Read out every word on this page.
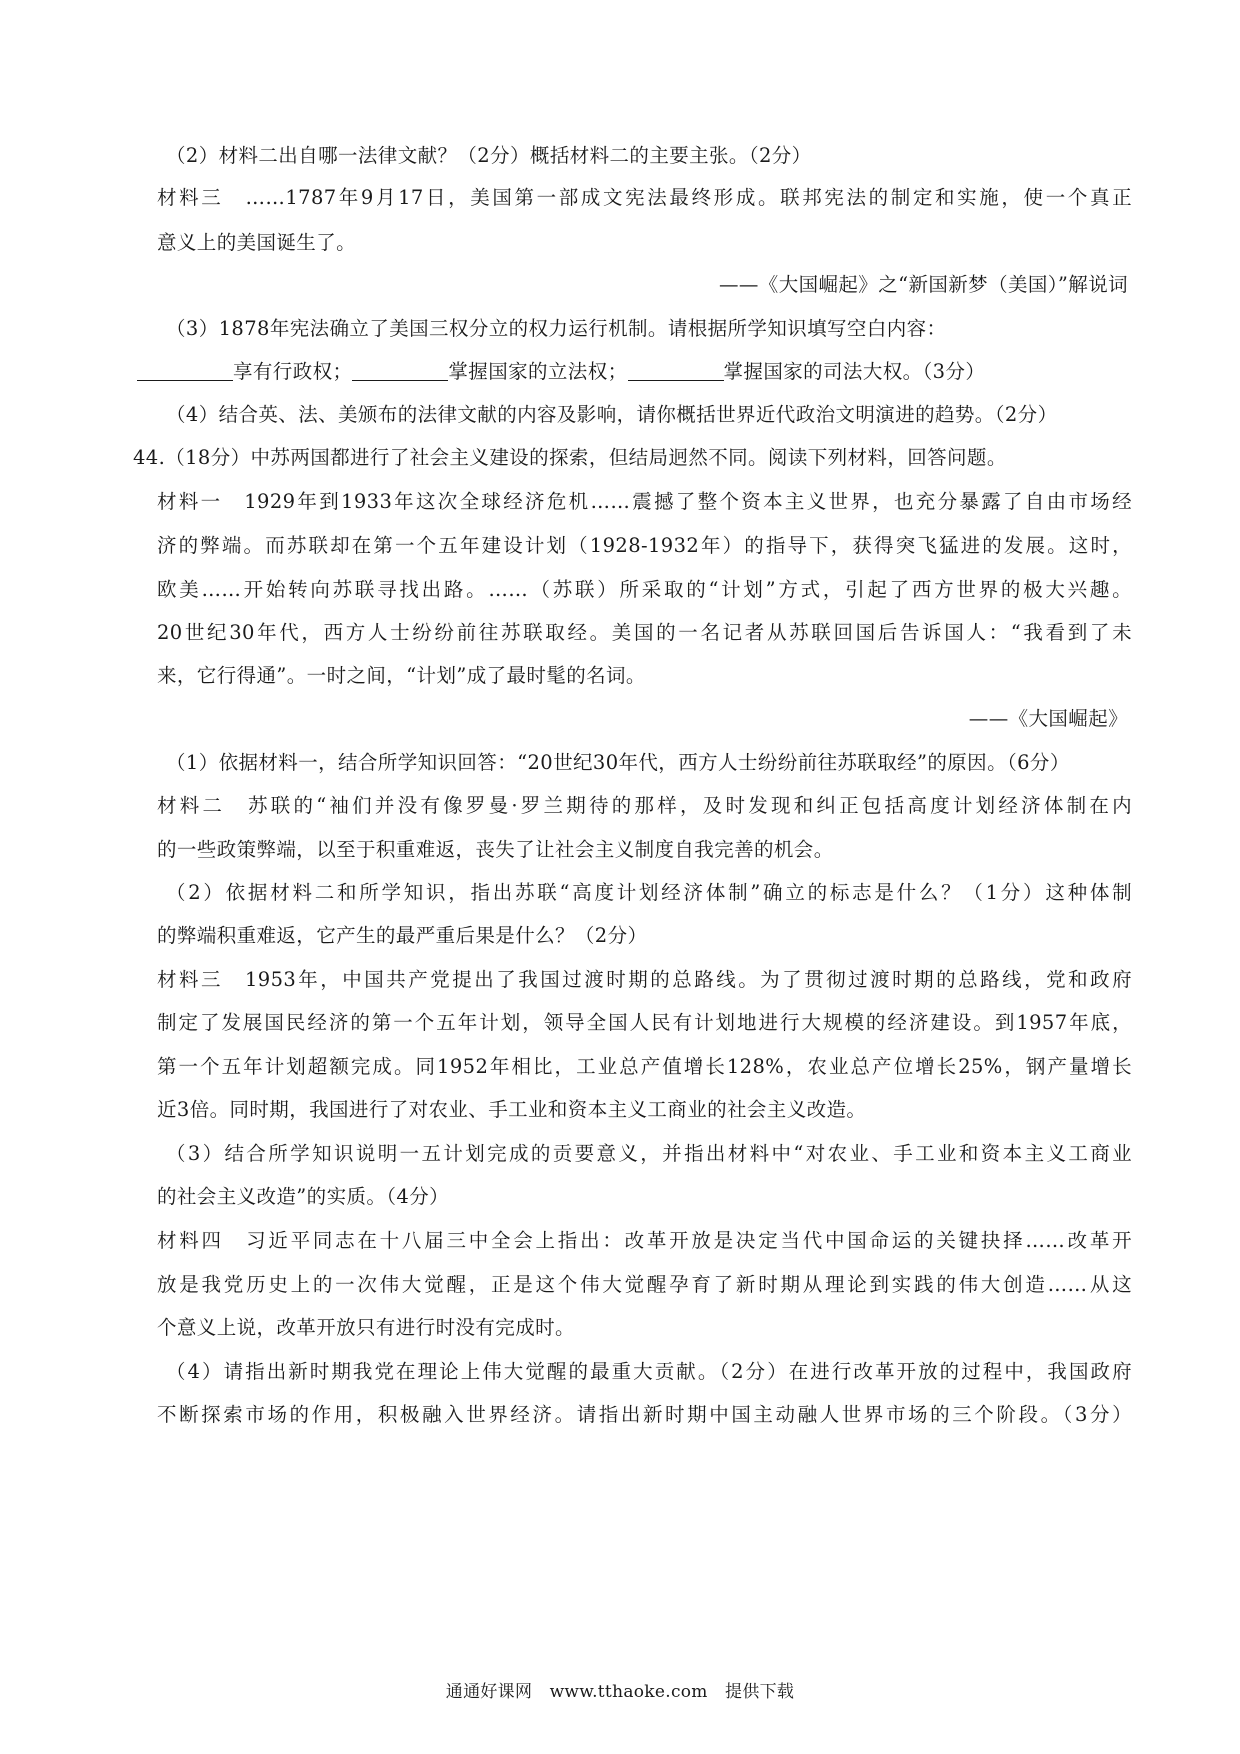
（2）材料二出自哪一法律文献？（2分）概括材料二的主要主张。（2分）
材料三　……1787年9月17日，美国第一部成文宪法最终形成。联邦宪法的制定和实施，使一个真正
意义上的美国诞生了。
——《大国崛起》之“新国新梦（美国）”解说词
（3）1878年宪法确立了美国三权分立的权力运行机制。请根据所学知识填写空白内容：
享有行政权；	掌握国家的立法权；	掌握国家的司法大权。（3分）
（4）结合英、法、美颁布的法律文献的内容及影响，请你概括世界近代政治文明演进的趋势。（2分）
44.（18分）中苏两国都进行了社会主义建设的探索，但结局迥然不同。阅读下列材料，回答问题。
材料一　1929年到1933年这次全球经济危机……震撼了整个资本主义世界，也充分暴露了自由市场经
济的弊端。而苏联却在第一个五年建设计划（1928-1932年）的指导下，获得突飞猛进的发展。这时，
欧美……开始转向苏联寻找出路。……（苏联）所采取的“计划”方式，引起了西方世界的极大兴趣。
20世纪30年代，西方人士纷纷前往苏联取经。美国的一名记者从苏联回国后告诉国人：“我看到了未
来，它行得通”。一时之间，“计划”成了最时髦的名词。
——《大国崛起》
（1）依据材料一，结合所学知识回答：“20世纪30年代，西方人士纷纷前往苏联取经”的原因。（6分）
材料二　苏联的“袖们并没有像罗曼·罗兰期待的那样，及时发现和纠正包括高度计划经济体制在内
的一些政策弊端，以至于积重难返，丧失了让社会主义制度自我完善的机会。
（2）依据材料二和所学知识，指出苏联“高度计划经济体制”确立的标志是什么？（1分）这种体制
的弊端积重难返，它产生的最严重后果是什么？（2分）
材料三　1953年，中国共产党提出了我国过渡时期的总路线。为了贯彻过渡时期的总路线，党和政府
制定了发展国民经济的第一个五年计划，领导全国人民有计划地进行大规模的经济建设。到1957年底，
第一个五年计划超额完成。同1952年相比，工业总产值增长128%，农业总产位增长25%，钢产量增长
近3倍。同时期，我国进行了对农业、手工业和资本主义工商业的社会主义改造。
（3）结合所学知识说明一五计划完成的贡要意义，并指出材料中“对农业、手工业和资本主义工商业
的社会主义改造”的实质。（4分）
材料四　习近平同志在十八届三中全会上指出：改革开放是决定当代中国命运的关键抉择……改革开
放是我党历史上的一次伟大觉醒，正是这个伟大觉醒孕育了新时期从理论到实践的伟大创造……从这
个意义上说，改革开放只有进行时没有完成时。
（4）请指出新时期我党在理论上伟大觉醒的最重大贡献。（2分）在进行改革开放的过程中，我国政府
不断探索市场的作用，积极融入世界经济。请指出新时期中国主动融人世界市场的三个阶段。（3分）
通通好课网　www.tthaoke.com　提供下载
